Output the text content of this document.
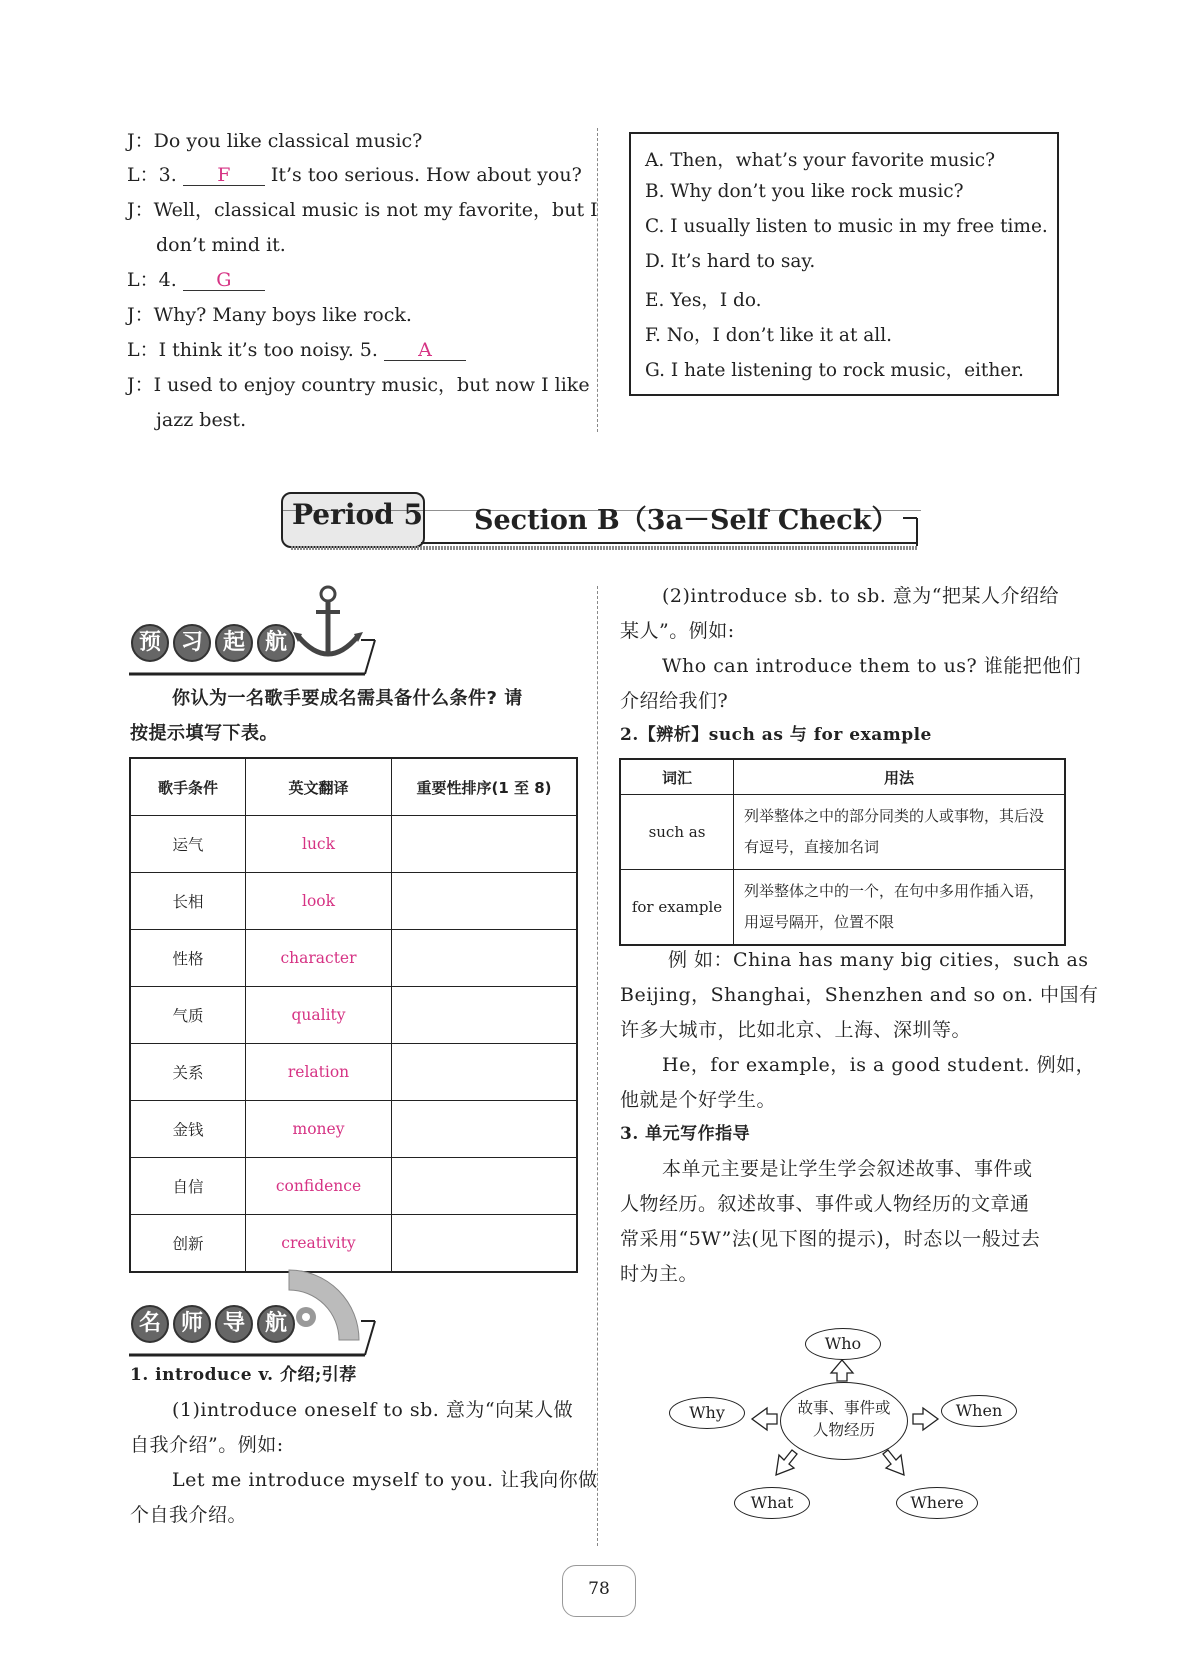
J：Do you like classical music?
L：3. F It’s too serious. How about you?
J：Well，classical music is not my favorite，but I
don’t mind it.
L：4. G
J：Why? Many boys like rock.
L：I think it’s too noisy. 5. A
J：I used to enjoy country music，but now I like
jazz best.
A. Then，what’s your favorite music?
B. Why don’t you like rock music?
C. I usually listen to music in my free time.
D. It’s hard to say.
E. Yes，I do.
F. No，I don’t like it at all.
G. I hate listening to rock music，either.
Period 5 Section B（3a－Self Check）
预 习 起 航
你认为一名歌手要成名需具备什么条件? 请
按提示填写下表。
歌手条件	英文翻译	重要性排序(1 至 8)
运气	luck	
长相	look	
性格	character	
气质	quality	
关系	relation	
金钱	money	
自信	confidence	
创新	creativity	
名 师 导 航
1. introduce v. 介绍;引荐
(1)introduce oneself to sb. 意为“向某人做
自我介绍”。例如:
Let me introduce myself to you. 让我向你做
个自我介绍。
(2)introduce sb. to sb. 意为“把某人介绍给
某人”。例如:
Who can introduce them to us? 谁能把他们
介绍给我们?
2.【辨析】such as 与 for example
词汇	用法
such as	列举整体之中的部分同类的人或事物，其后没有逗号，直接加名词
for example	列举整体之中的一个，在句中多用作插入语，用逗号隔开，位置不限
例 如：China has many big cities，such as
Beijing，Shanghai，Shenzhen and so on. 中国有
许多大城市，比如北京、上海、深圳等。
He，for example，is a good student. 例如，
他就是个好学生。
3. 单元写作指导
本单元主要是让学生学会叙述故事、事件或
人物经历。叙述故事、事件或人物经历的文章通
常采用“5W”法(见下图的提示)，时态以一般过去
时为主。
故事、事件或人物经历
Who
Why	When
What	Where
78
